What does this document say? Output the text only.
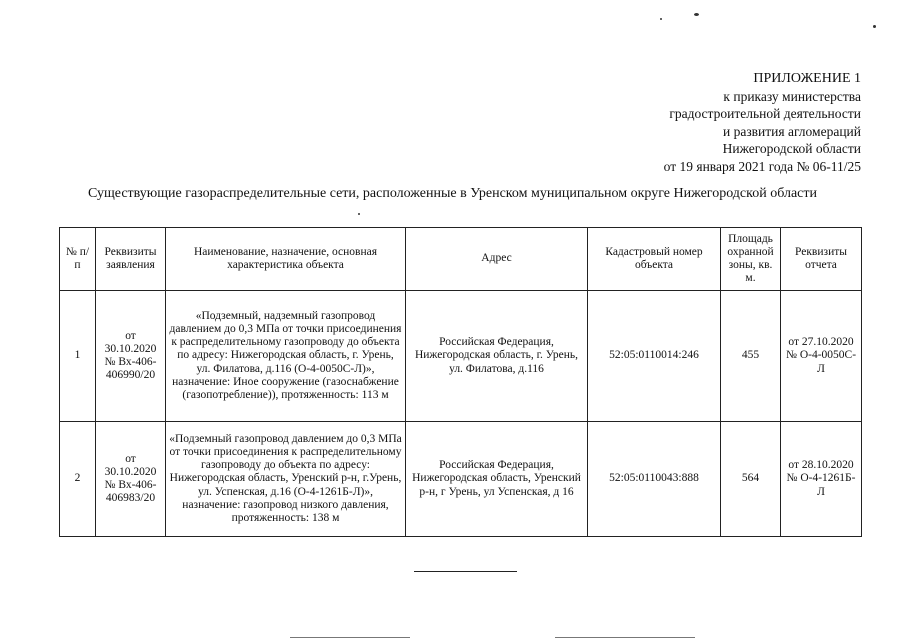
ПРИЛОЖЕНИЕ 1
к приказу министерства
градостроительной деятельности
и развития агломераций
Нижегородской области
от 19 января 2021 года № 06-11/25
Существующие газораспределительные сети, расположенные в Уренском муниципальном округе Нижегородской области
№ п/п	Реквизиты заявления	Наименование, назначение, основная характеристика объекта	Адрес	Кадастровый номер объекта	Площадь охранной зоны, кв. м.	Реквизиты отчета
1	от 30.10.2020 № Вх-406-406990/20	«Подземный, надземный газопровод давлением до 0,3 МПа от точки присоединения к распределительному газопроводу до объекта по адресу: Нижегородская область, г. Урень, ул. Филатова, д.116 (О-4-0050С-Л)», назначение: Иное сооружение (газоснабжение (газопотребление)), протяженность: 113 м	Российская Федерация, Нижегородская область, г. Урень, ул. Филатова, д.116	52:05:0110014:246	455	от 27.10.2020 № О-4-0050С-Л
2	от 30.10.2020 № Вх-406-406983/20	«Подземный газопровод давлением до 0,3 МПа от точки присоединения к распределительному газопроводу до объекта по адресу: Нижегородская область, Уренский р-н, г.Урень, ул. Успенская, д.16 (О-4-1261Б-Л)», назначение: газопровод низкого давления, протяженность: 138 м	Российская Федерация, Нижегородская область, Уренский р-н, г Урень, ул Успенская, д 16	52:05:0110043:888	564	от 28.10.2020 № О-4-1261Б-Л
